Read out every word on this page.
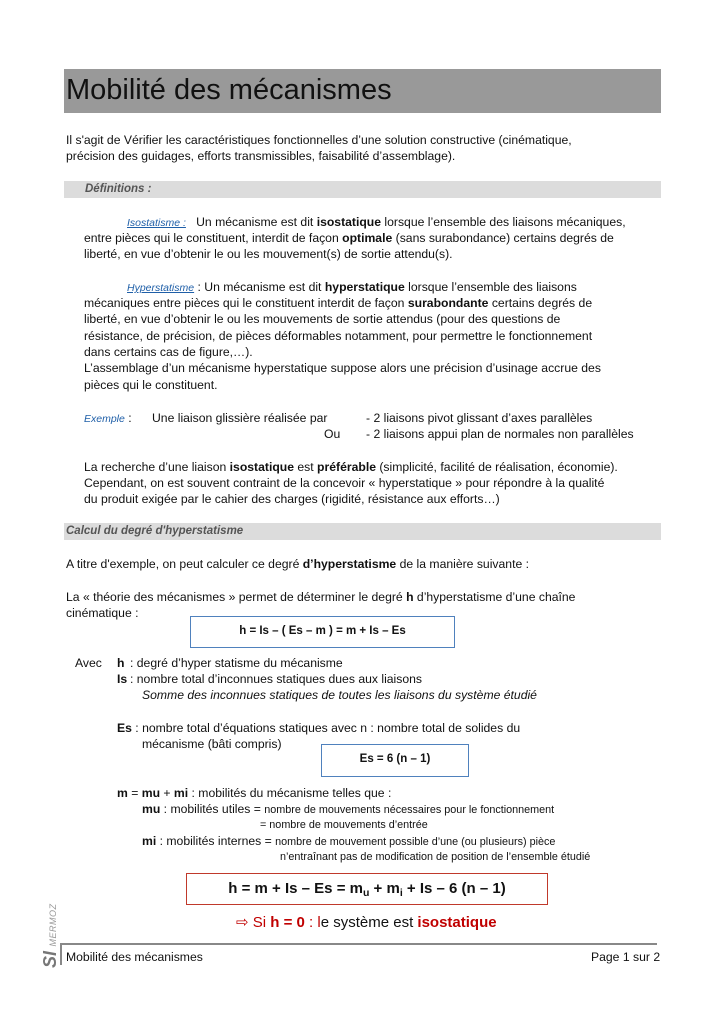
Mobilité des mécanismes
Il s'agit de Vérifier les caractéristiques fonctionnelles d’une solution constructive (cinématique,
précision des guidages, efforts transmissibles, faisabilité d’assemblage).
Définitions :
Isostatisme : Un mécanisme est dit isostatique lorsque l’ensemble des liaisons mécaniques,
entre pièces qui le constituent, interdit de façon optimale (sans surabondance) certains degrés de
liberté, en vue d’obtenir le ou les mouvement(s) de sortie attendu(s).
Hyperstatisme : Un mécanisme est dit hyperstatique lorsque l’ensemble des liaisons
mécaniques entre pièces qui le constituent interdit de façon surabondante certains degrés de
liberté, en vue d’obtenir le ou les mouvements de sortie attendus (pour des questions de
résistance, de précision, de pièces déformables notamment, pour permettre le fonctionnement
dans certains cas de figure,…).
L’assemblage d’un mécanisme hyperstatique suppose alors une précision d’usinage accrue des
pièces qui le constituent.
Exemple : Une liaison glissière réalisée par
Ou
- 2 liaisons pivot glissant d’axes parallèles
- 2 liaisons appui plan de normales non parallèles
La recherche d’une liaison isostatique est préférable (simplicité, facilité de réalisation, économie).
Cependant, on est souvent contraint de la concevoir « hyperstatique » pour répondre à la qualité
du produit exigée par le cahier des charges (rigidité, résistance aux efforts…)
Calcul du degré d'hyperstatisme
A titre d'exemple, on peut calculer ce degré d’hyperstatisme de la manière suivante :
La « théorie des mécanismes » permet de déterminer le degré h d’hyperstatisme d’une chaîne
cinématique :
h = Is – ( Es – m ) = m + Is – Es
Avec h : degré d’hyper statisme du mécanisme
Is : nombre total d’inconnues statiques dues aux liaisons
Somme des inconnues statiques de toutes les liaisons du système étudié
Es : nombre total d’équations statiques avec n : nombre total de solides du
mécanisme (bâti compris)
Es = 6 (n – 1)
m = mu + mi : mobilités du mécanisme telles que :
mu : mobilités utiles = nombre de mouvements nécessaires pour le fonctionnement
= nombre de mouvements d’entrée
mi : mobilités internes = nombre de mouvement possible d’une (ou plusieurs) pièce
n’entraînant pas de modification de position de l’ensemble étudié
$h = m + Is - Es = m_u + m_i + Is - 6$ (n – 1)
⇨ Si h = 0 : le système est isostatique
SI MERMOZ
Mobilité des mécanismes	Page 1 sur 2
